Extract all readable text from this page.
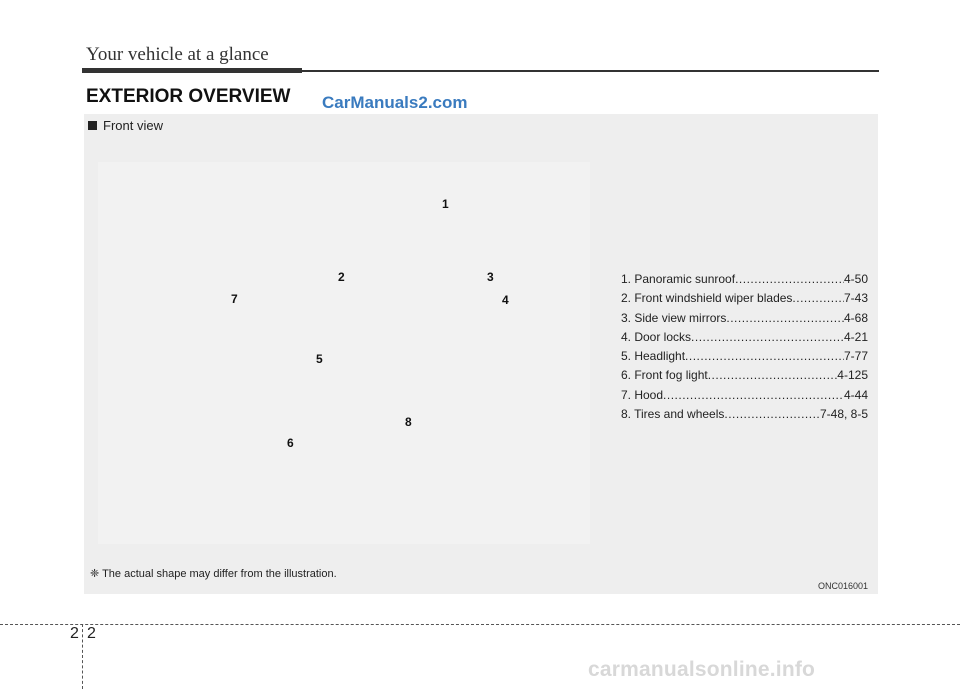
Your vehicle at a glance
EXTERIOR OVERVIEW CarManuals2.com
Front view
1
2	3
4
5
6
7
8
1. Panoramic sunroof .....	4-50
2. Front windshield wiper blades .....	7-43
3. Side view mirrors .....	4-68
4. Door locks .....	4-21
5. Headlight .....	7-77
6. Front fog light .....	4-125
7. Hood .....	4-44
8. Tires and wheels .....	7-48, 8-5
❈ The actual shape may differ from the illustration.
ONC016001
2 2
carmanualsonline.info
